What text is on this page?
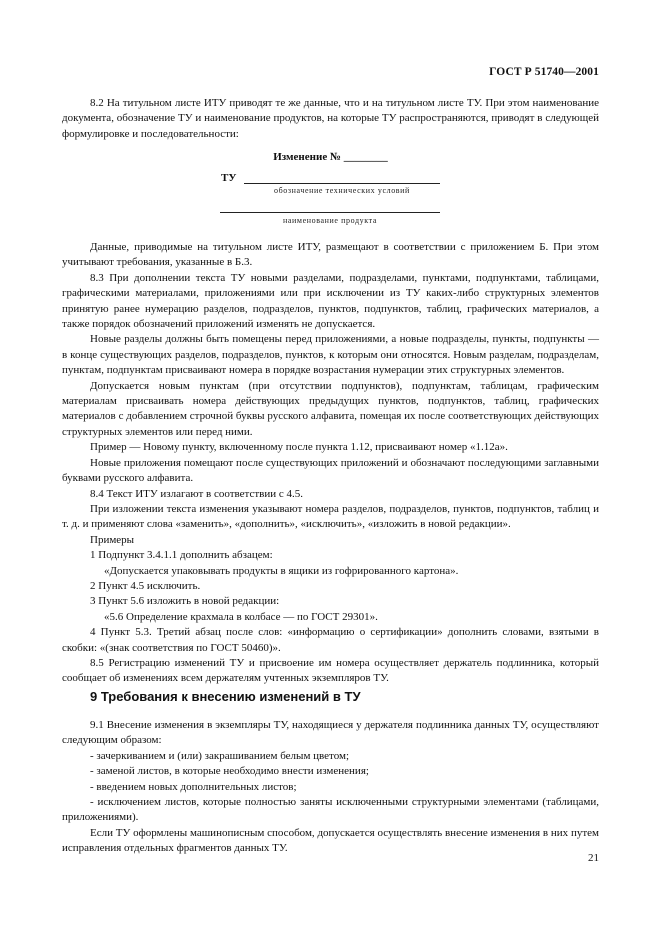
ГОСТ Р 51740—2001

8.2 На титульном листе ИТУ приводят те же данные, что и на титульном листе ТУ. При этом наименование документа, обозначение ТУ и наименование продуктов, на которые ТУ распространяются, приводят в следующей формулировке и последовательности:

Изменение № ________
ТУ
обозначение технических условий
наименование продукта

Данные, приводимые на титульном листе ИТУ, размещают в соответствии с приложением Б. При этом учитывают требования, указанные в Б.3.

8.3 При дополнении текста ТУ новыми разделами, подразделами, пунктами, подпунктами, таблицами, графическими материалами, приложениями или при исключении из ТУ каких-либо структурных элементов принятую ранее нумерацию разделов, подразделов, пунктов, подпунктов, таблиц, графических материалов, а также порядок обозначений приложений изменять не допускается.

Новые разделы должны быть помещены перед приложениями, а новые подразделы, пункты, подпункты — в конце существующих разделов, подразделов, пунктов, к которым они относятся. Новым разделам, подразделам, пунктам, подпунктам присваивают номера в порядке возрастания нумерации этих структурных элементов.

Допускается новым пунктам (при отсутствии подпунктов), подпунктам, таблицам, графическим материалам присваивать номера действующих предыдущих пунктов, подпунктов, таблиц, графических материалов с добавлением строчной буквы русского алфавита, помещая их после соответствующих действующих структурных элементов или перед ними.

Пример — Новому пункту, включенному после пункта 1.12, присваивают номер «1.12а».

Новые приложения помещают после существующих приложений и обозначают последующими заглавными буквами русского алфавита.

8.4 Текст ИТУ излагают в соответствии с 4.5.

При изложении текста изменения указывают номера разделов, подразделов, пунктов, подпунктов, таблиц и т. д. и применяют слова «заменить», «дополнить», «исключить», «изложить в новой редакции».

Примеры

1 Подпункт 3.4.1.1 дополнить абзацем:

«Допускается упаковывать продукты в ящики из гофрированного картона».

2 Пункт 4.5 исключить.

3 Пункт 5.6 изложить в новой редакции:

«5.6 Определение крахмала в колбасе — по ГОСТ 29301».

4 Пункт 5.3. Третий абзац после слов: «информацию о сертификации» дополнить словами, взятыми в скобки: «(знак соответствия по ГОСТ 50460)».

8.5 Регистрацию изменений ТУ и присвоение им номера осуществляет держатель подлинника, который сообщает об изменениях всем держателям учтенных экземпляров ТУ.

9 Требования к внесению изменений в ТУ

9.1 Внесение изменения в экземпляры ТУ, находящиеся у держателя подлинника данных ТУ, осуществляют следующим образом:

- зачеркиванием и (или) закрашиванием белым цветом;

- заменой листов, в которые необходимо внести изменения;

- введением новых дополнительных листов;

- исключением листов, которые полностью заняты исключенными структурными элементами (таблицами, приложениями).

Если ТУ оформлены машинописным способом, допускается осуществлять внесение изменения в них путем исправления отдельных фрагментов данных ТУ.

21
